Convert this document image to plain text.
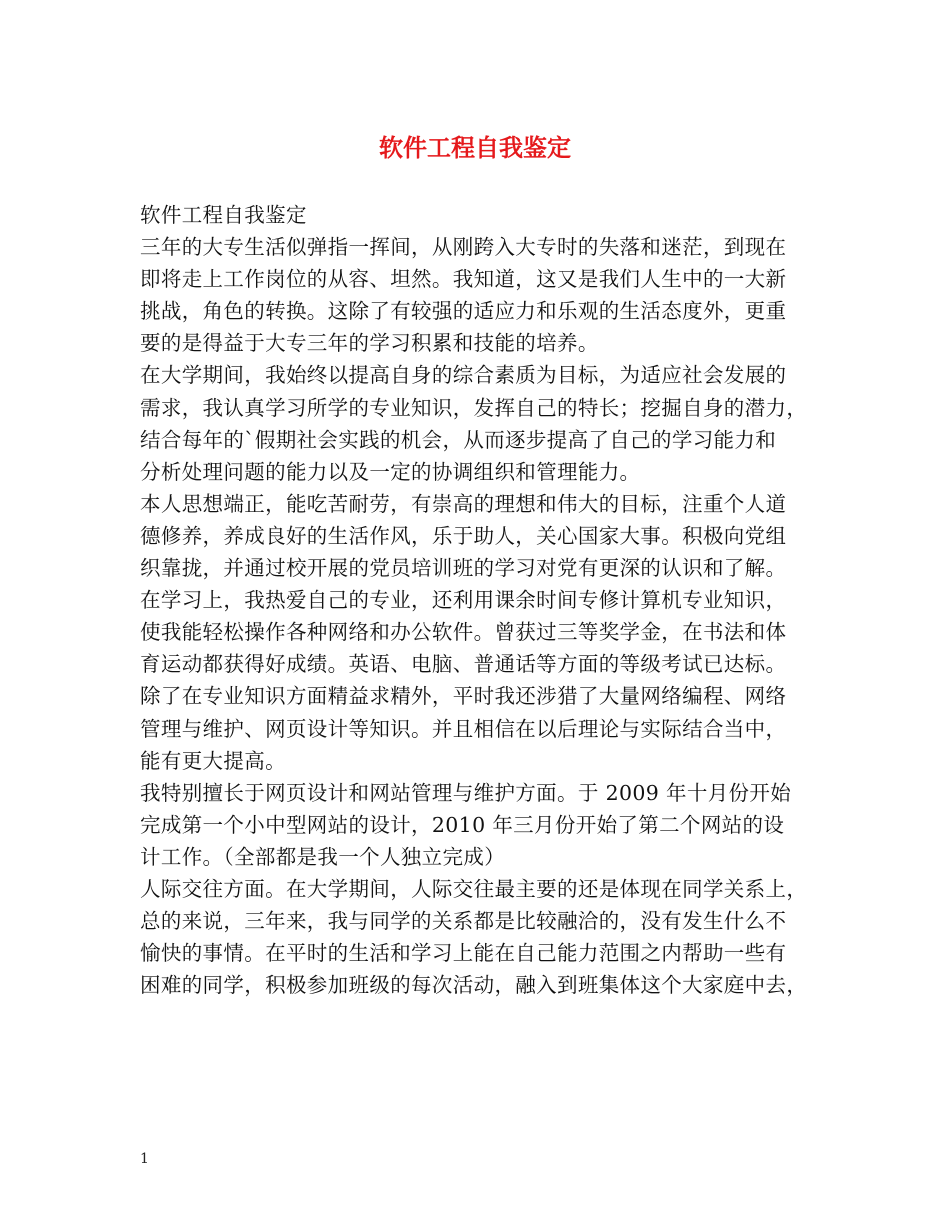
软件工程自我鉴定
软件工程自我鉴定
三年的大专生活似弹指一挥间，从刚跨入大专时的失落和迷茫，到现在
即将走上工作岗位的从容、坦然。我知道，这又是我们人生中的一大新
挑战，角色的转换。这除了有较强的适应力和乐观的生活态度外，更重
要的是得益于大专三年的学习积累和技能的培养。
在大学期间，我始终以提高自身的综合素质为目标，为适应社会发展的
需求，我认真学习所学的专业知识，发挥自己的特长；挖掘自身的潜力，
结合每年的`假期社会实践的机会，从而逐步提高了自己的学习能力和
分析处理问题的能力以及一定的协调组织和管理能力。
本人思想端正，能吃苦耐劳，有崇高的理想和伟大的目标，注重个人道
德修养，养成良好的生活作风，乐于助人，关心国家大事。积极向党组
织靠拢，并通过校开展的党员培训班的学习对党有更深的认识和了解。
在学习上，我热爱自己的专业，还利用课余时间专修计算机专业知识，
使我能轻松操作各种网络和办公软件。曾获过三等奖学金，在书法和体
育运动都获得好成绩。英语、电脑、普通话等方面的等级考试已达标。
除了在专业知识方面精益求精外，平时我还涉猎了大量网络编程、网络
管理与维护、网页设计等知识。并且相信在以后理论与实际结合当中，
能有更大提高。
我特别擅长于网页设计和网站管理与维护方面。于 2009 年十月份开始
完成第一个小中型网站的设计，2010 年三月份开始了第二个网站的设
计工作。（全部都是我一个人独立完成）
人际交往方面。在大学期间，人际交往最主要的还是体现在同学关系上，
总的来说，三年来，我与同学的关系都是比较融洽的，没有发生什么不
愉快的事情。在平时的生活和学习上能在自己能力范围之内帮助一些有
困难的同学，积极参加班级的每次活动，融入到班集体这个大家庭中去，
1
